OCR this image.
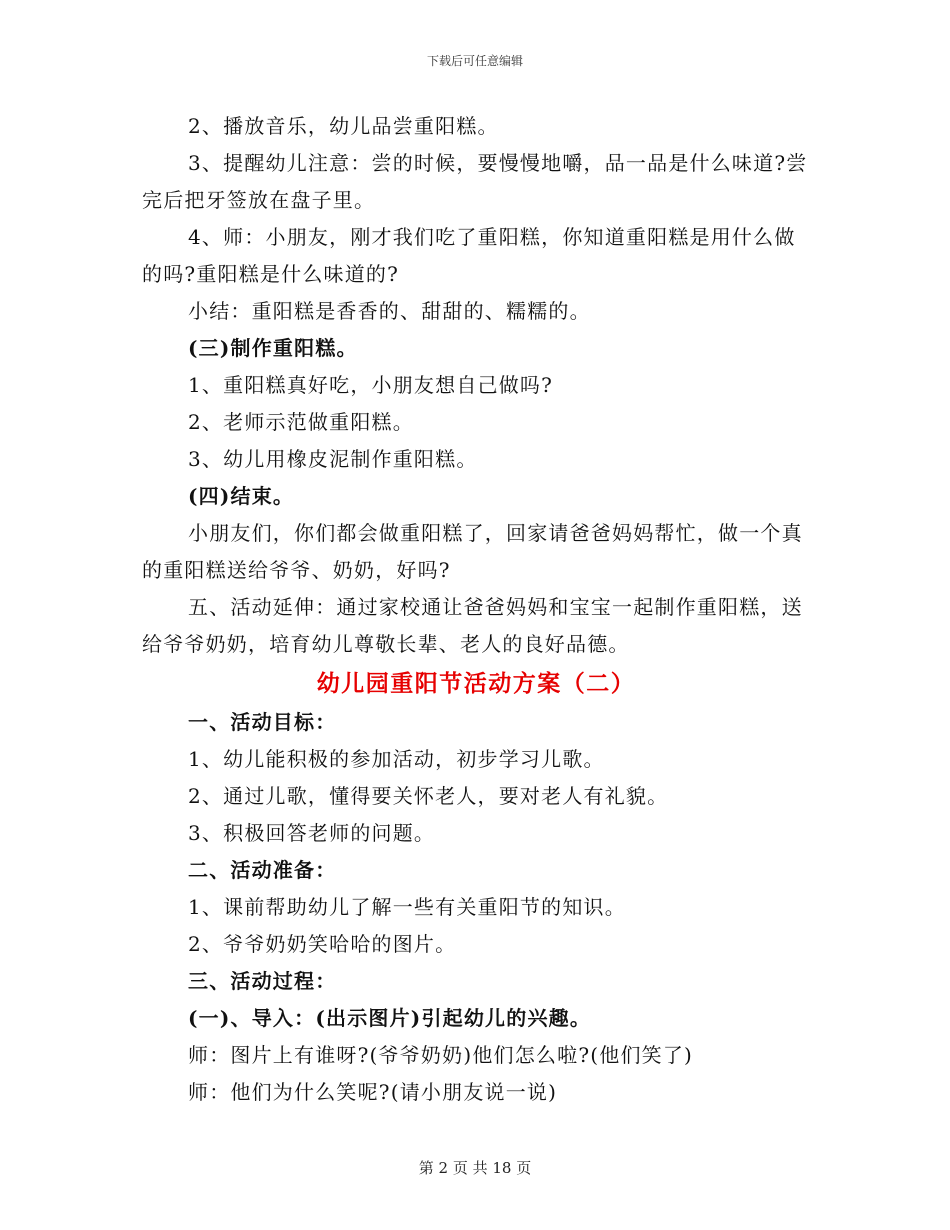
下载后可任意编辑

2、播放音乐，幼儿品尝重阳糕。

3、提醒幼儿注意：尝的时候，要慢慢地嚼，品一品是什么味道?尝完后把牙签放在盘子里。

4、师：小朋友，刚才我们吃了重阳糕，你知道重阳糕是用什么做的吗?重阳糕是什么味道的?

小结：重阳糕是香香的、甜甜的、糯糯的。

(三)制作重阳糕。

1、重阳糕真好吃，小朋友想自己做吗?

2、老师示范做重阳糕。

3、幼儿用橡皮泥制作重阳糕。

(四)结束。

小朋友们，你们都会做重阳糕了，回家请爸爸妈妈帮忙，做一个真的重阳糕送给爷爷、奶奶，好吗?

五、活动延伸：通过家校通让爸爸妈妈和宝宝一起制作重阳糕，送给爷爷奶奶，培育幼儿尊敬长辈、老人的良好品德。

幼儿园重阳节活动方案（二）

一、活动目标：

1、幼儿能积极的参加活动，初步学习儿歌。

2、通过儿歌，懂得要关怀老人，要对老人有礼貌。

3、积极回答老师的问题。

二、活动准备：

1、课前帮助幼儿了解一些有关重阳节的知识。

2、爷爷奶奶笑哈哈的图片。

三、活动过程：

(一)、导入：(出示图片)引起幼儿的兴趣。

师：图片上有谁呀?(爷爷奶奶)他们怎么啦?(他们笑了)

师：他们为什么笑呢?(请小朋友说一说)

第 2 页 共 18 页
